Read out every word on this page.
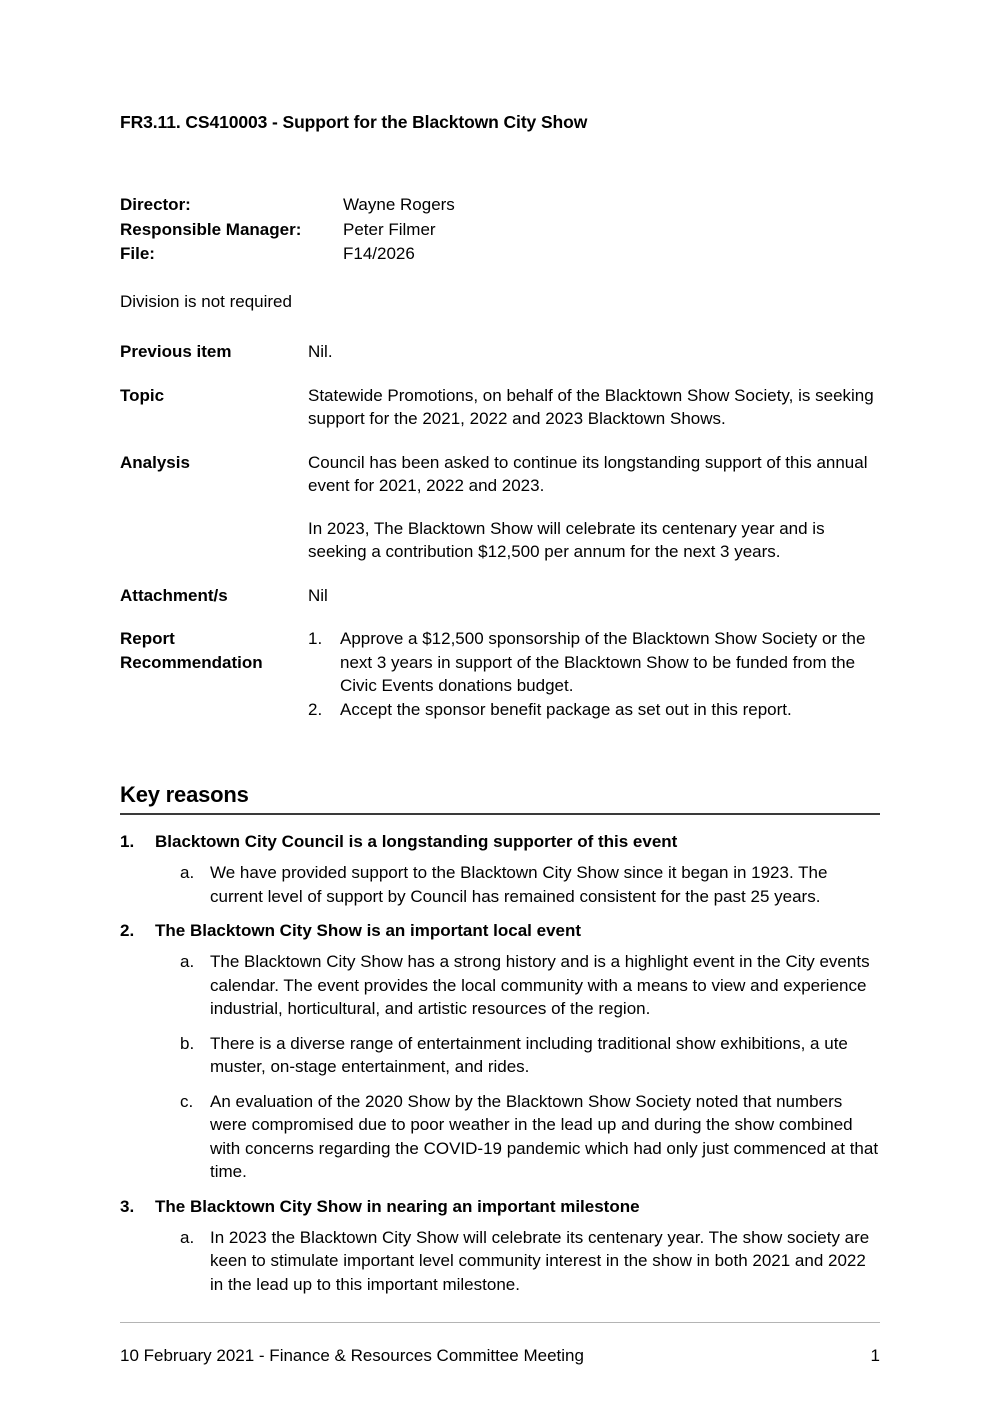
FR3.11. CS410003 - Support for the Blacktown City Show
Director:	Wayne Rogers
Responsible Manager:	Peter Filmer
File:	F14/2026
Division is not required
Previous item	Nil.

Topic	Statewide Promotions, on behalf of the Blacktown Show Society, is seeking support for the 2021, 2022 and 2023 Blacktown Shows.

Analysis	Council has been asked to continue its longstanding support of this annual event for 2021, 2022 and 2023.

In 2023, The Blacktown Show will celebrate its centenary year and is seeking a contribution $12,500 per annum for the next 3 years.

Attachment/s	Nil

Report Recommendation
1.	Approve a $12,500 sponsorship of the Blacktown Show Society or the next 3 years in support of the Blacktown Show to be funded from the Civic Events donations budget.
2.	Accept the sponsor benefit package as set out in this report.
Key reasons
1.	Blacktown City Council is a longstanding supporter of this event
a. We have provided support to the Blacktown City Show since it began in 1923. The current level of support by Council has remained consistent for the past 25 years.
2.	The Blacktown City Show is an important local event
a. The Blacktown City Show has a strong history and is a highlight event in the City events calendar. The event provides the local community with a means to view and experience industrial, horticultural, and artistic resources of the region.
b. There is a diverse range of entertainment including traditional show exhibitions, a ute muster, on-stage entertainment, and rides.
c. An evaluation of the 2020 Show by the Blacktown Show Society noted that numbers were compromised due to poor weather in the lead up and during the show combined with concerns regarding the COVID-19 pandemic which had only just commenced at that time.
3.	The Blacktown City Show in nearing an important milestone
a. In 2023 the Blacktown City Show will celebrate its centenary year. The show society are keen to stimulate important level community interest in the show in both 2021 and 2022 in the lead up to this important milestone.
10 February 2021 - Finance & Resources Committee Meeting	1
